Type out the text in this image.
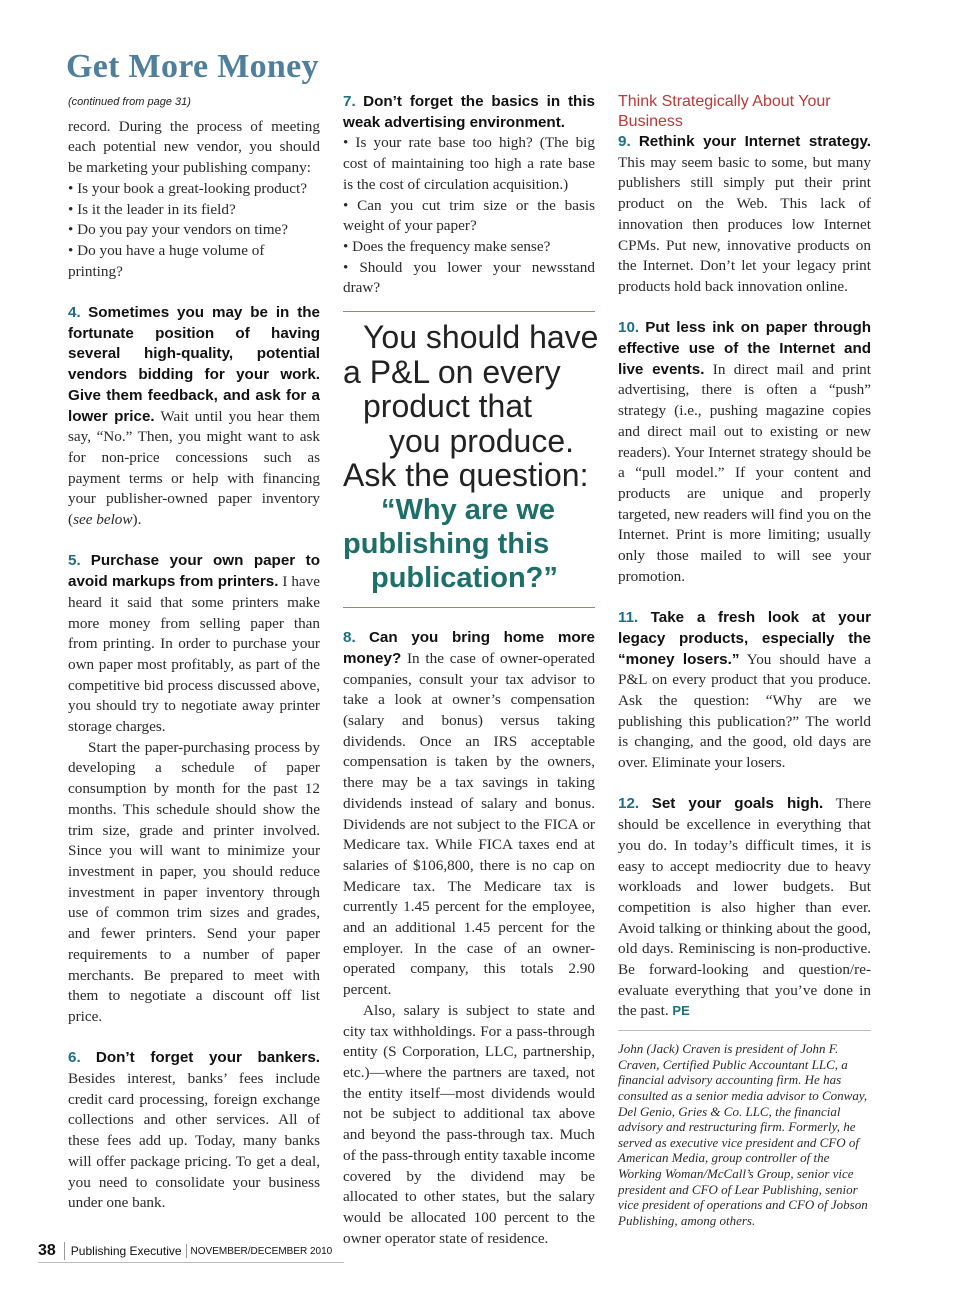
Get More Money
(continued from page 31)

record. During the process of meeting each potential new vendor, you should be marketing your publishing company:

• Is your book a great-looking product?

• Is it the leader in its field?

• Do you pay your vendors on time?

• Do you have a huge volume of printing?

4. Sometimes you may be in the fortunate position of having several high-quality, potential vendors bidding for your work. Give them feedback, and ask for a lower price. Wait until you hear them say, “No.” Then, you might want to ask for non-price concessions such as payment terms or help with financing your publisher-owned paper inventory (see below).

5. Purchase your own paper to avoid markups from printers. I have heard it said that some printers make more money from selling paper than from printing. In order to purchase your own paper most profitably, as part of the competitive bid process discussed above, you should try to negotiate away printer storage charges.

Start the paper-purchasing process by developing a schedule of paper consumption by month for the past 12 months. This schedule should show the trim size, grade and printer involved. Since you will want to minimize your investment in paper, you should reduce investment in paper inventory through use of common trim sizes and grades, and fewer printers. Send your paper requirements to a number of paper merchants. Be prepared to meet with them to negotiate a discount off list price.

6. Don’t forget your bankers. Besides interest, banks’ fees include credit card processing, foreign exchange collections and other services. All of these fees add up. Today, many banks will offer package pricing. To get a deal, you need to consolidate your business under one bank.

7. Don’t forget the basics in this weak advertising environment.

• Is your rate base too high? (The big cost of maintaining too high a rate base is the cost of circulation acquisition.)

• Can you cut trim size or the basis weight of your paper?

• Does the frequency make sense?

• Should you lower your newsstand draw?

You should have
a P&L on every
product that
you produce.
Ask the question:
“Why are we
publishing this
publication?”

8. Can you bring home more money? In the case of owner-operated companies, consult your tax advisor to take a look at owner’s compensation (salary and bonus) versus taking dividends. Once an IRS acceptable compensation is taken by the owners, there may be a tax savings in taking dividends instead of salary and bonus. Dividends are not subject to the FICA or Medicare tax. While FICA taxes end at salaries of $106,800, there is no cap on Medicare tax. The Medicare tax is currently 1.45 percent for the employee, and an additional 1.45 percent for the employer. In the case of an owner-operated company, this totals 2.90 percent.

Also, salary is subject to state and city tax withholdings. For a pass-through entity (S Corporation, LLC, partnership, etc.)—where the partners are taxed, not the entity itself—most dividends would not be subject to additional tax above and beyond the pass-through tax. Much of the pass-through entity taxable income covered by the dividend may be allocated to other states, but the salary would be allocated 100 percent to the owner operator state of residence.

Think Strategically About Your Business

9. Rethink your Internet strategy. This may seem basic to some, but many publishers still simply put their print product on the Web. This lack of innovation then produces low Internet CPMs. Put new, innovative products on the Internet. Don’t let your legacy print products hold back innovation online.

10. Put less ink on paper through effective use of the Internet and live events. In direct mail and print advertising, there is often a “push” strategy (i.e., pushing magazine copies and direct mail out to existing or new readers). Your Internet strategy should be a “pull model.” If your content and products are unique and properly targeted, new readers will find you on the Internet. Print is more limiting; usually only those mailed to will see your promotion.

11. Take a fresh look at your legacy products, especially the “money losers.” You should have a P&L on every product that you produce. Ask the question: “Why are we publishing this publication?” The world is changing, and the good, old days are over. Eliminate your losers.

12. Set your goals high. There should be excellence in everything that you do. In today’s difficult times, it is easy to accept mediocrity due to heavy workloads and lower budgets. But competition is also higher than ever. Avoid talking or thinking about the good, old days. Reminiscing is non-productive. Be forward-looking and question/re-evaluate everything that you’ve done in the past. PE

John (Jack) Craven is president of John F. Craven, Certified Public Accountant LLC, a financial advisory accounting firm. He has consulted as a senior media advisor to Conway, Del Genio, Gries & Co. LLC, the financial advisory and restructuring firm. Formerly, he served as executive vice president and CFO of American Media, group controller of the Working Woman/McCall’s Group, senior vice president and CFO of Lear Publishing, senior vice president of operations and CFO of Jobson Publishing, among others.
38	Publishing Executive NOVEMBER/DECEMBER 2010
